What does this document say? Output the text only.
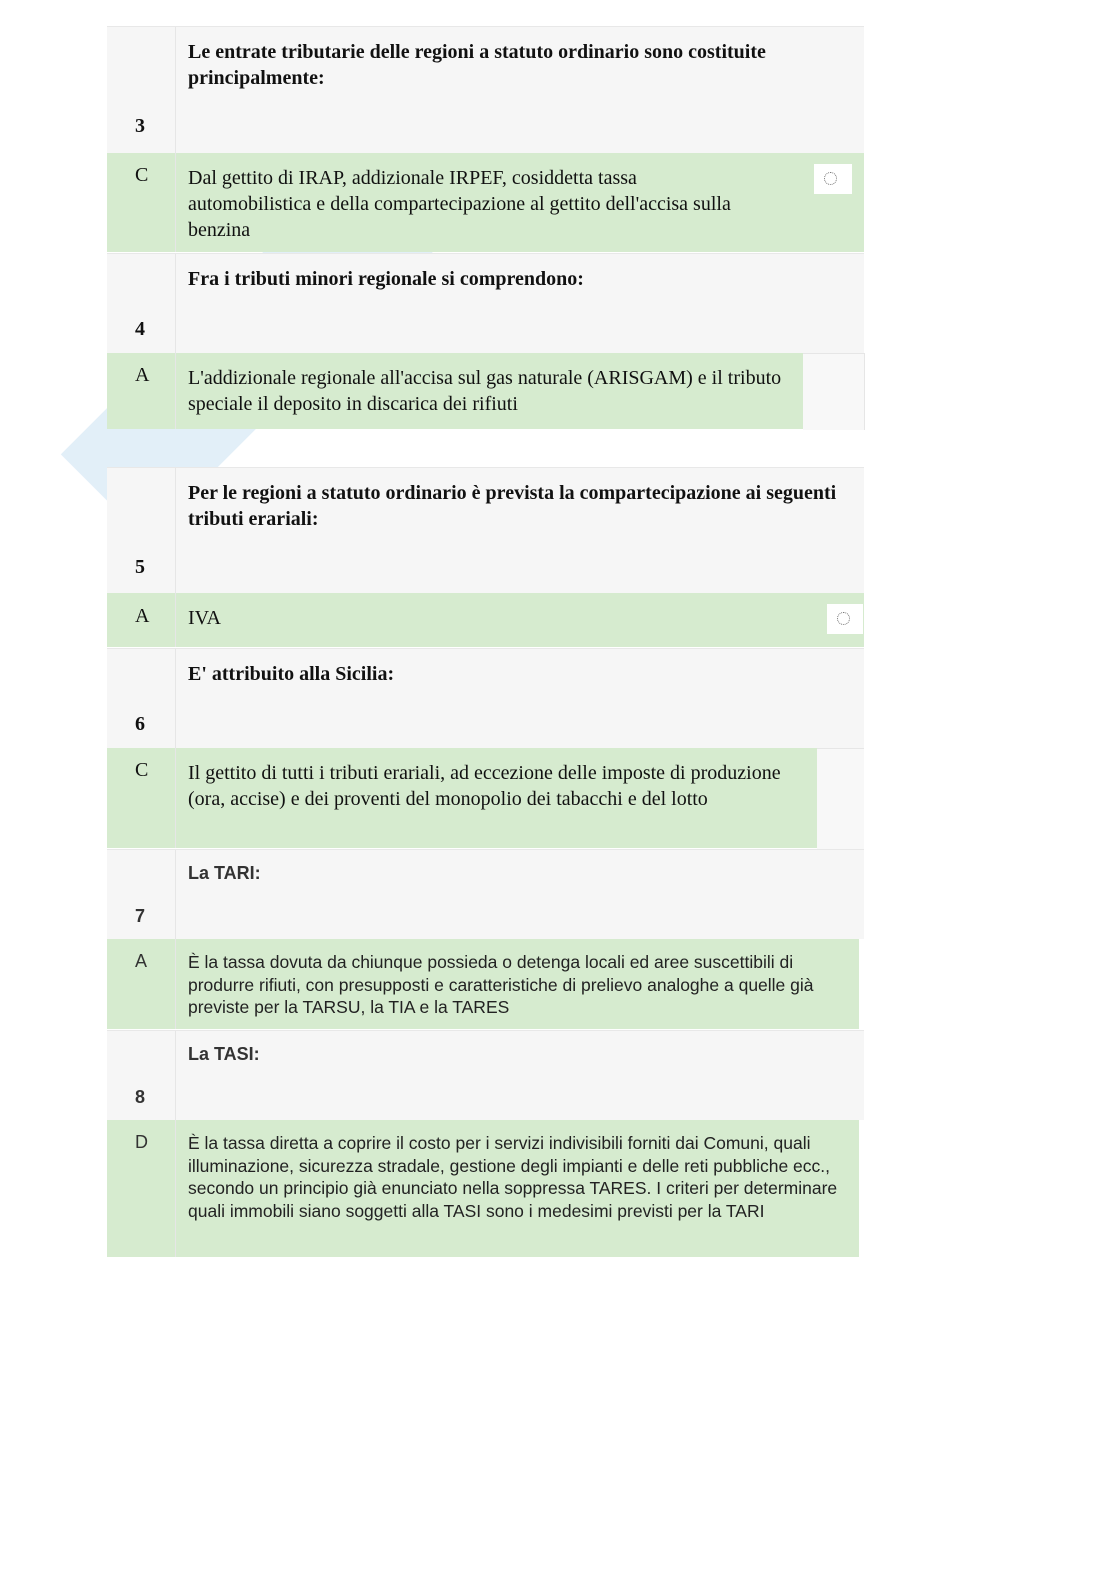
3
Le entrate tributarie delle regioni a statuto ordinario sono costituite principalmente:
C Dal gettito di IRAP, addizionale IRPEF, cosiddetta tassa automobilistica e della compartecipazione al gettito dell'accisa sulla benzina
4
Fra i tributi minori regionale si comprendono:
A L'addizionale regionale all'accisa sul gas naturale (ARISGAM) e il tributo speciale il deposito in discarica dei rifiuti
5
Per le regioni a statuto ordinario è prevista la compartecipazione ai seguenti tributi erariali:
A IVA
6
E' attribuito alla Sicilia:
C Il gettito di tutti i tributi erariali, ad eccezione delle imposte di produzione (ora, accise) e dei proventi del monopolio dei tabacchi e del lotto
7
La TARI:
A È la tassa dovuta da chiunque possieda o detenga locali ed aree suscettibili di produrre rifiuti, con presupposti e caratteristiche di prelievo analoghe a quelle già previste per la TARSU, la TIA e la TARES
8
La TASI:
D È la tassa diretta a coprire il costo per i servizi indivisibili forniti dai Comuni, quali illuminazione, sicurezza stradale, gestione degli impianti e delle reti pubbliche ecc., secondo un principio già enunciato nella soppressa TARES. I criteri per determinare quali immobili siano soggetti alla TASI sono i medesimi previsti per la TARI
